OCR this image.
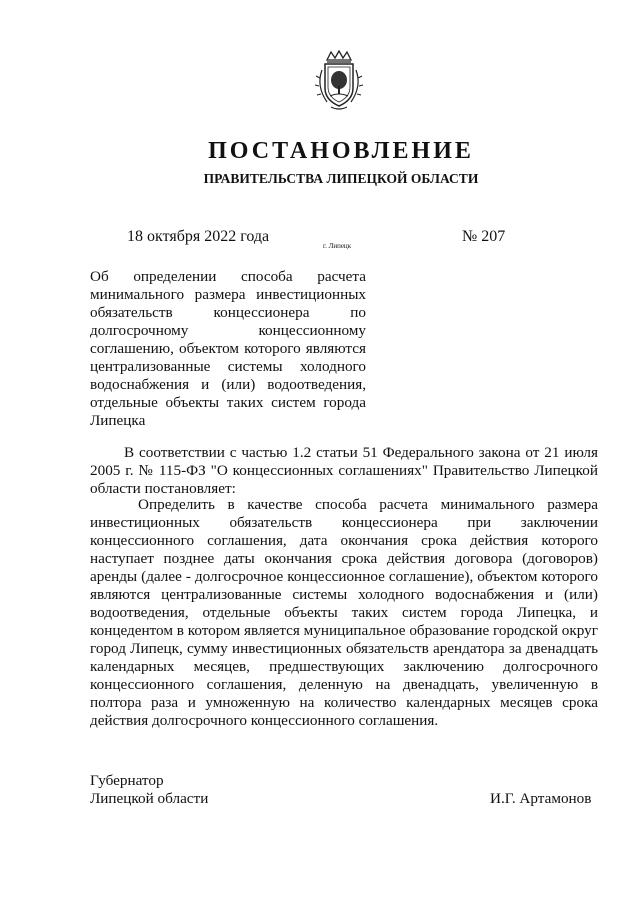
ПОСТАНОВЛЕНИЕ
ПРАВИТЕЛЬСТВА ЛИПЕЦКОЙ ОБЛАСТИ
18 октября 2022 года
г. Липецк
№ 207
Об определении способа расчета минимального размера инвестиционных обязательств концессионера по долгосрочному концессионному соглашению, объектом которого являются централизованные системы холодного водоснабжения и (или) водоотведения, отдельные объекты таких систем города Липецка
В соответствии с частью 1.2 статьи 51 Федерального закона от 21 июля 2005 г. № 115-ФЗ "О концессионных соглашениях" Правительство Липецкой области постановляет:
Определить в качестве способа расчета минимального размера инвестиционных обязательств концессионера при заключении концессионного соглашения, дата окончания срока действия которого наступает позднее даты окончания срока действия договора (договоров) аренды (далее - долгосрочное концессионное соглашение), объектом которого являются централизованные системы холодного водоснабжения и (или) водоотведения, отдельные объекты таких систем города Липецка, и концедентом в котором является муниципальное образование городской округ город Липецк, сумму инвестиционных обязательств арендатора за двенадцать календарных месяцев, предшествующих заключению долгосрочного концессионного соглашения, деленную на двенадцать, увеличенную в полтора раза и умноженную на количество календарных месяцев срока действия долгосрочного концессионного соглашения.
Губернатор
Липецкой области	И.Г. Артамонов
